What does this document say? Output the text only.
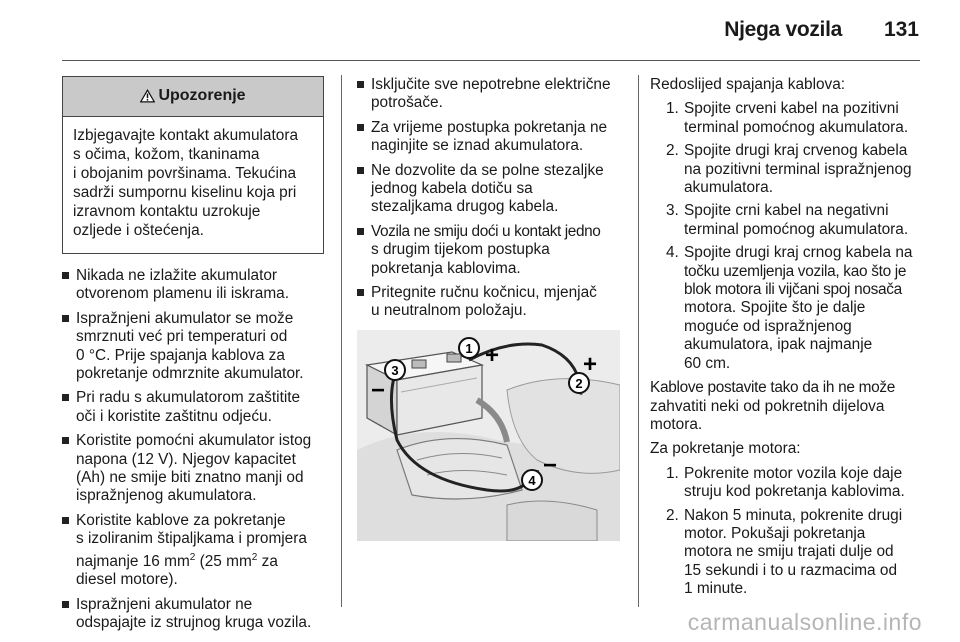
Njega vozila 131
Upozorenje
Izbjegavajte kontakt akumulatora
s očima, kožom, tkaninama
i obojanim površinama. Tekućina
sadrži sumpornu kiselinu koja pri
izravnom kontaktu uzrokuje
ozljede i oštećenja.
Nikada ne izlažite akumulator
otvorenom plamenu ili iskrama.
Ispražnjeni akumulator se može
smrznuti već pri temperaturi od
0 °C. Prije spajanja kablova za
pokretanje odmrznite akumulator.
Pri radu s akumulatorom zaštitite
oči i koristite zaštitnu odjeću.
Koristite pomoćni akumulator istog
napona (12 V). Njegov kapacitet
(Ah) ne smije biti znatno manji od
ispražnjenog akumulatora.
Koristite kablove za pokretanje
s izoliranim štipaljkama i promjera
najmanje 16 $mm^2$ (25 $mm^2$ za
diesel motore).
Ispražnjeni akumulator ne
odspajajte iz strujnog kruga vozila.
Isključite sve nepotrebne električne
potrošače.
Za vrijeme postupka pokretanja ne
naginjite se iznad akumulatora.
Ne dozvolite da se polne stezaljke
jednog kabela dotiču sa
stezaljkama drugog kabela.
Vozila ne smiju doći u kontakt jedno
s drugim tijekom postupka
pokretanja kablovima.
Pritegnite ručnu kočnicu, mjenjač
u neutralnom položaju.
1 +
2
+
3
−
4
−

Redoslijed spajanja kablova:

1. Spojite crveni kabel na pozitivni
terminal pomoćnog akumulatora.
2. Spojite drugi kraj crvenog kabela
na pozitivni terminal ispražnjenog
akumulatora.
3. Spojite crni kabel na negativni
terminal pomoćnog akumulatora.
4. Spojite drugi kraj crnog kabela na
točku uzemljenja vozila, kao što je
blok motora ili vijčani spoj nosača
motora. Spojite što je dalje
moguće od ispražnjenog
akumulatora, ipak najmanje
60 cm.

Kablove postavite tako da ih ne može
zahvatiti neki od pokretnih dijelova
motora.

Za pokretanje motora:

1. Pokrenite motor vozila koje daje
struju kod pokretanja kablovima.
2. Nakon 5 minuta, pokrenite drugi
motor. Pokušaji pokretanja
motora ne smiju trajati dulje od
15 sekundi i to u razmacima od
1 minute.
carmanualsonline.info
